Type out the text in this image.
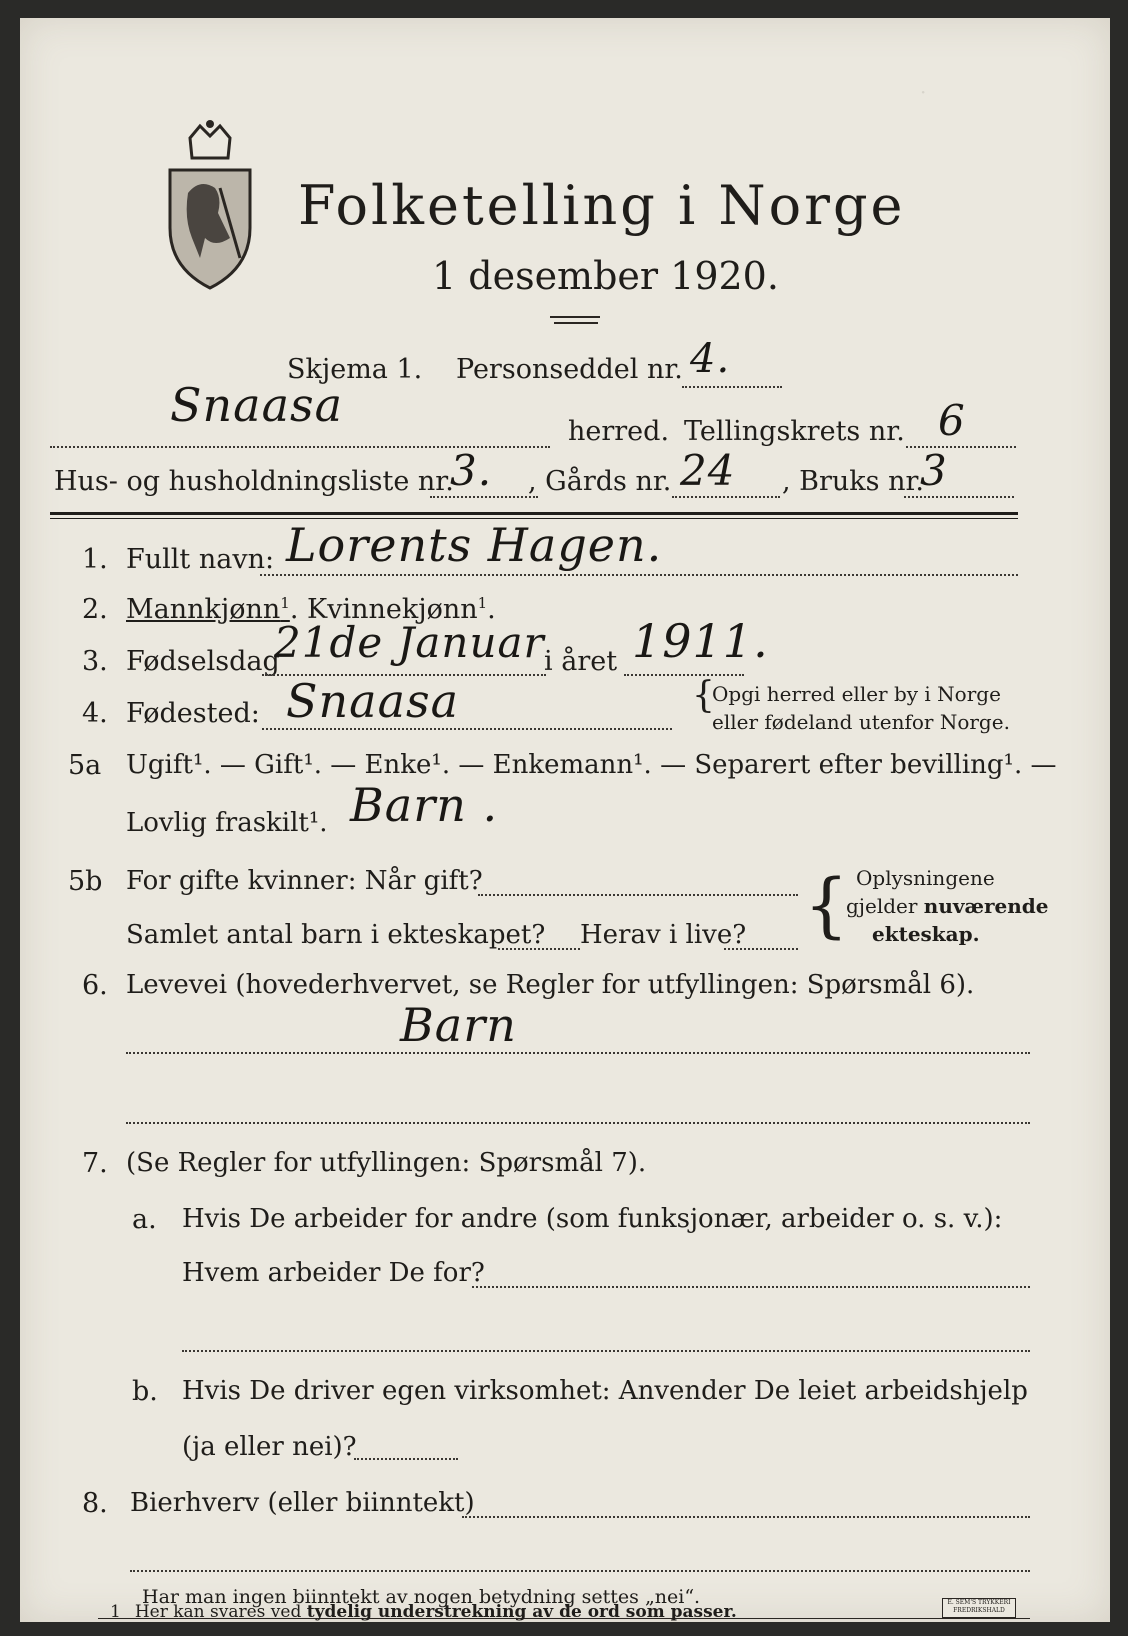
·
Folketelling i Norge
1 desember 1920.
Skjema 1. Personseddel nr. 4.
Snaasa	herred. Tellingskrets nr. 6
Hus- og husholdningsliste nr.
3. , Gårds nr. 24 , Bruks nr.
3
1. Fullt navn: Lorents Hagen.
2. Mannkjønn$^1$. Kvinnekjønn$^1$.
3. Fødselsdag
21de Januar i året 1911.
4. Fødested: Snaasa	{
Opgi herred eller by i Norge
eller fødeland utenfor Norge.
5a Ugift¹. — Gift¹. — Enke¹. — Enkemann¹. — Separert efter bevilling¹. —
Lovlig fraskilt¹. Barn .
5b For gifte kvinner: Når gift?
Samlet antal barn i ekteskapet? Herav i live? { Oplysningene
gjelder nuværende
ekteskap.
6. Levevei (hovederhvervet, se Regler for utfyllingen: Spørsmål 6).
Barn
7. (Se Regler for utfyllingen: Spørsmål 7).
a. Hvis De arbeider for andre (som funksjonær, arbeider o. s. v.):
Hvem arbeider De for?
b. Hvis De driver egen virksomhet: Anvender De leiet arbeidshjelp
(ja eller nei)?
8. Bierhverv (eller biinntekt)
Har man ingen biinntekt av nogen betydning settes „nei“.
1 Her kan svares ved tydelig understrekning av de ord som passer.	E. SEM'S TRYKKERI
FREDRIKSHALD
